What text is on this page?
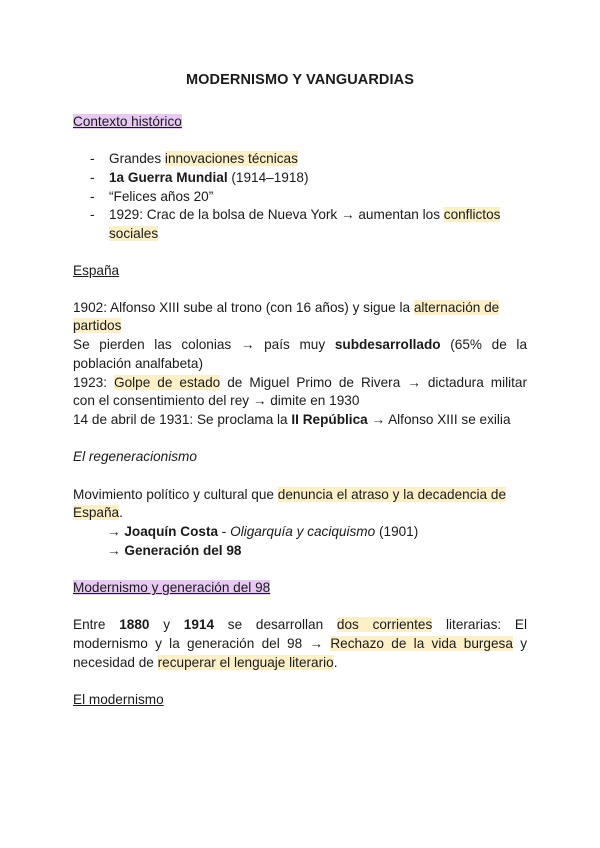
MODERNISMO Y VANGUARDIAS
Contexto histórico
- Grandes innovaciones técnicas
- 1a Guerra Mundial (1914–1918)
- “Felices años 20”
- 1929: Crac de la bolsa de Nueva York → aumentan los conflictos
sociales
España
1902: Alfonso XIII sube al trono (con 16 años) y sigue la alternación de
partidos
Se pierden las colonias → país muy subdesarrollado (65% de la
población analfabeta)
1923: Golpe de estado de Miguel Primo de Rivera → dictadura militar
con el consentimiento del rey → dimite en 1930
14 de abril de 1931: Se proclama la II República → Alfonso XIII se exilia
El regeneracionismo
Movimiento político y cultural que denuncia el atraso y la decadencia de
España.
→ Joaquín Costa - Oligarquía y caciquismo (1901)
→ Generación del 98
Modernismo y generación del 98
Entre 1880 y 1914 se desarrollan dos corrientes literarias: El
modernismo y la generación del 98 → Rechazo de la vida burgesa y
necesidad de recuperar el lenguaje literario.
El modernismo
